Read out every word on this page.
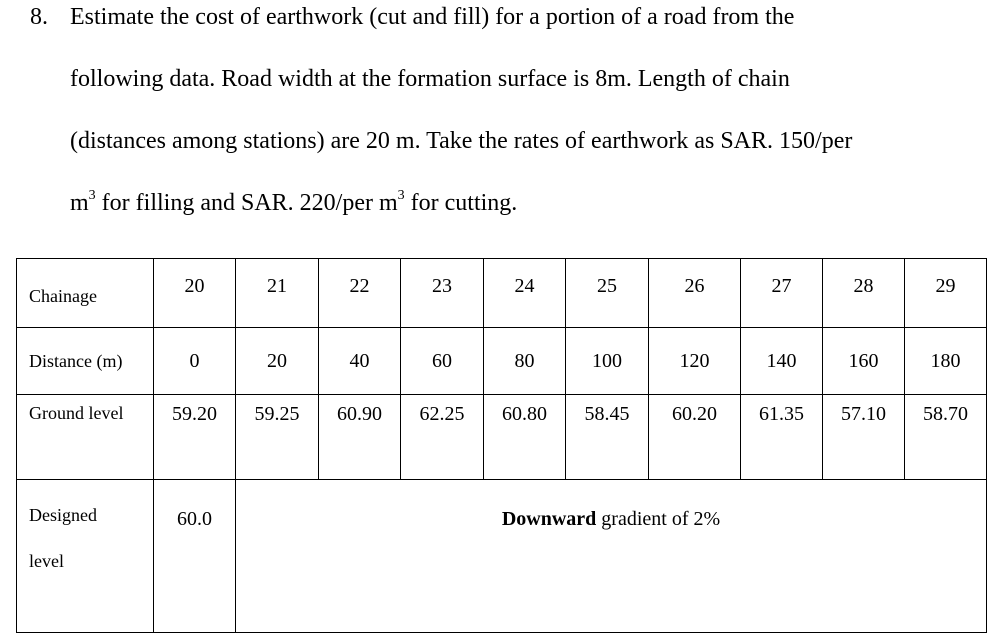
8. Estimate the cost of earthwork (cut and fill) for a portion of a road from the
following data. Road width at the formation surface is 8m. Length of chain
(distances among stations) are 20 m. Take the rates of earthwork as SAR. 150/per
$m^3$ for filling and SAR. 220/per $m^3$ for cutting.
Chainage	20	21	22	23	24	25	26	27	28	29
Distance (m)	0	20	40	60	80	100	120	140	160	180
Ground level	59.20	59.25	60.90	62.25	60.80	58.45	60.20	61.35	57.10	58.70
Designed
level	60.0	Downward gradient of 2%								
